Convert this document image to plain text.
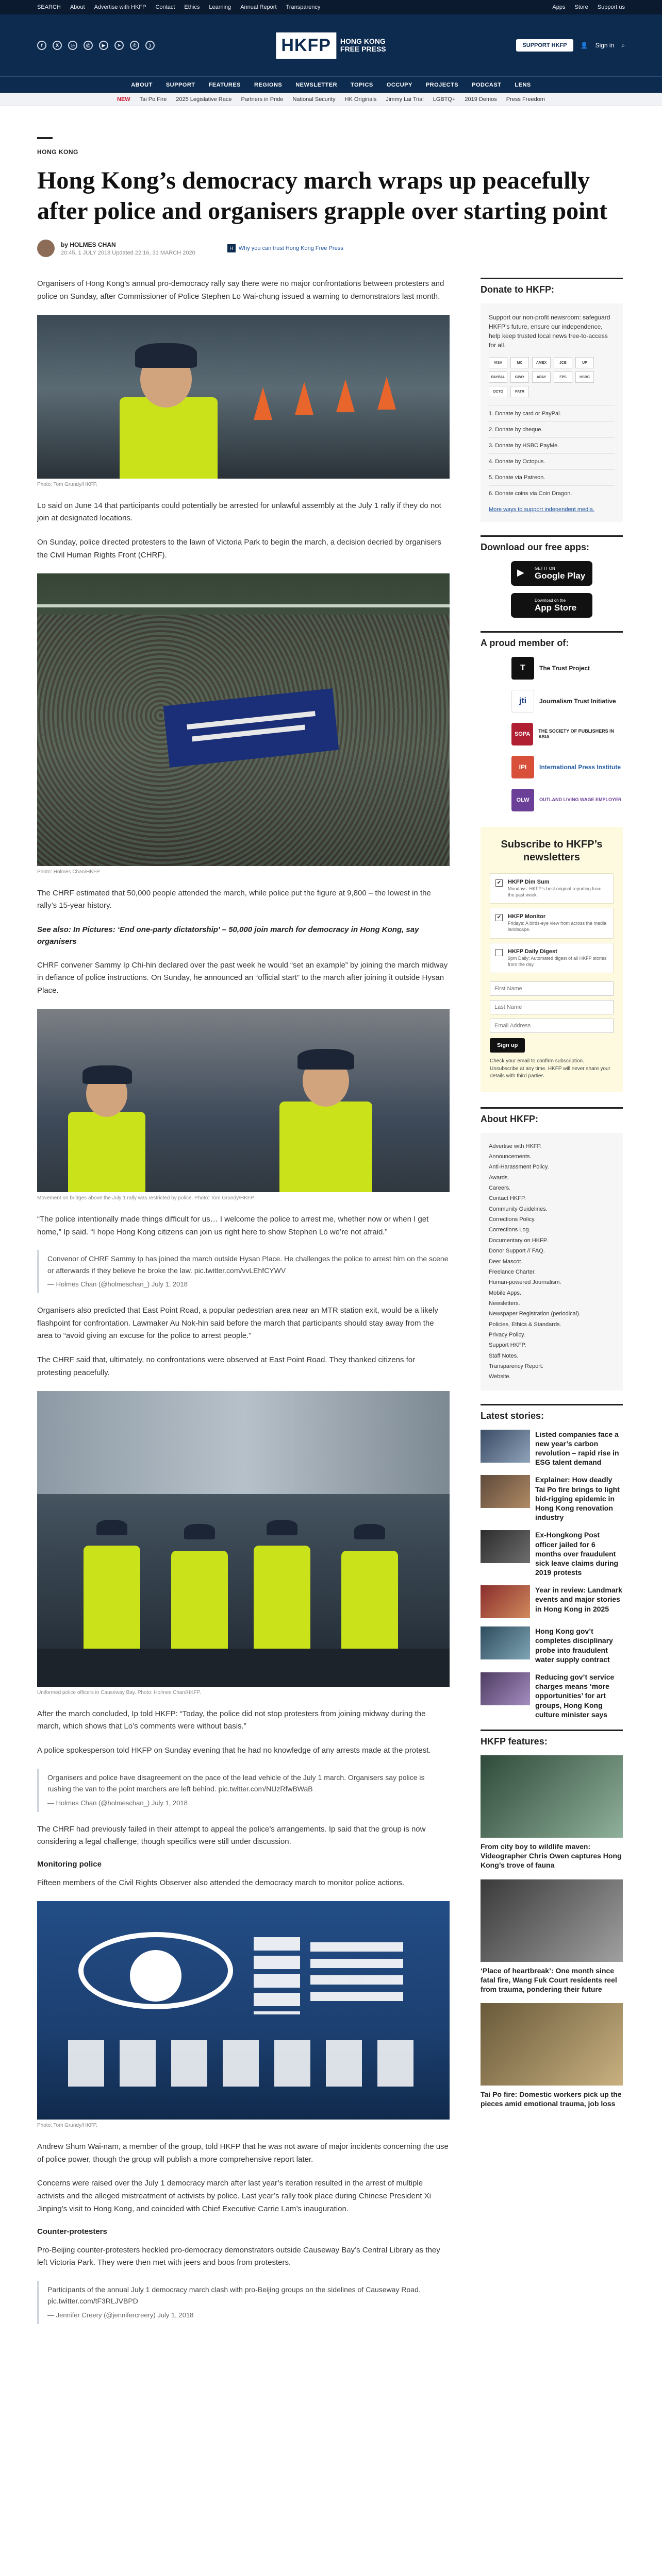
SEARCH About Advertise with HKFP Contact Ethics Learning Annual Report Transparency	Apps Store Support us
f	X	◎	@	▶	➤	✆	)	HKFP	HONG KONG
FREE PRESS	SUPPORT HKFP	👤 Sign in ⌕
ABOUT SUPPORT FEATURES REGIONS NEWSLETTER TOPICS OCCUPY PROJECTS PODCAST LENS
NEW Tai Po Fire 2025 Legislative Race Partners in Pride National Security HK Originals Jimmy Lai Trial LGBTQ+ 2019 Demos Press Freedom
HONG KONG
Hong Kong’s democracy march wraps up peacefully after police and organisers grapple over starting point
by HOLMES CHAN
20:45, 1 JULY 2018 Updated 22:16, 31 MARCH 2020
H Why you can trust Hong Kong Free Press

Organisers of Hong Kong’s annual pro-democracy rally say there were no major confrontations between protesters and police on Sunday, after Commissioner of Police Stephen Lo Wai-chung issued a warning to demonstrators last month.

Photo: Tom Grundy/HKFP.

Lo said on June 14 that participants could potentially be arrested for unlawful assembly at the July 1 rally if they do not join at designated locations.

On Sunday, police directed protesters to the lawn of Victoria Park to begin the march, a decision decried by organisers the Civil Human Rights Front (CHRF).

Photo: Holmes Chan/HKFP.

The CHRF estimated that 50,000 people attended the march, while police put the figure at 9,800 – the lowest in the rally’s 15-year history.

See also: In Pictures: ‘End one-party dictatorship’ – 50,000 join march for democracy in Hong Kong, say organisers

CHRF convener Sammy Ip Chi-hin declared over the past week he would “set an example” by joining the march midway in defiance of police instructions. On Sunday, he announced an “official start” to the march after joining it outside Hysan Place.

Movement on bridges above the July 1 rally was restricted by police. Photo: Tom Grundy/HKFP.

“The police intentionally made things difficult for us… I welcome the police to arrest me, whether now or when I get home,” Ip said. “I hope Hong Kong citizens can join us right here to show Stephen Lo we’re not afraid.”

Convenor of CHRF Sammy Ip has joined the march outside Hysan Place. He challenges the police to arrest him on the scene or afterwards if they believe he broke the law. pic.twitter.com/vvLEhfCYWV
— Holmes Chan (@holmeschan_) July 1, 2018

Organisers also predicted that East Point Road, a popular pedestrian area near an MTR station exit, would be a likely flashpoint for confrontation. Lawmaker Au Nok-hin said before the march that participants should stay away from the area to “avoid giving an excuse for the police to arrest people.”

The CHRF said that, ultimately, no confrontations were observed at East Point Road. They thanked citizens for protesting peacefully.

Uniformed police officers in Causeway Bay. Photo: Holmes Chan/HKFP.

After the march concluded, Ip told HKFP: “Today, the police did not stop protesters from joining midway during the march, which shows that Lo’s comments were without basis.”

A police spokesperson told HKFP on Sunday evening that he had no knowledge of any arrests made at the protest.

Organisers and police have disagreement on the pace of the lead vehicle of the July 1 march. Organisers say police is rushing the van to the point marchers are left behind. pic.twitter.com/NUzRfwBWaB
— Holmes Chan (@holmeschan_) July 1, 2018

The CHRF had previously failed in their attempt to appeal the police’s arrangements. Ip said that the group is now considering a legal challenge, though specifics were still under discussion.

Monitoring police

Fifteen members of the Civil Rights Observer also attended the democracy march to monitor police actions.

Photo: Tom Grundy/HKFP.

Andrew Shum Wai-nam, a member of the group, told HKFP that he was not aware of major incidents concerning the use of police power, though the group will publish a more comprehensive report later.

Concerns were raised over the July 1 democracy march after last year’s iteration resulted in the arrest of multiple activists and the alleged mistreatment of activists by police. Last year’s rally took place during Chinese President Xi Jinping’s visit to Hong Kong, and coincided with Chief Executive Carrie Lam’s inauguration.

Counter-protesters

Pro-Beijing counter-protesters heckled pro-democracy demonstrators outside Causeway Bay’s Central Library as they left Victoria Park. They were then met with jeers and boos from protesters.

Participants of the annual July 1 democracy march clash with pro-Beijing groups on the sidelines of Causeway Road. pic.twitter.com/tF3RLJVBPD
— Jennifer Creery (@jennifercreery) July 1, 2018
Donate to HKFP:
Support our non-profit newsroom: safeguard HKFP’s future, ensure our independence, help keep trusted local news free-to-access for all.
VISA	MC	AMEX	JCB	UP
PAYPAL	GPAY	APAY	FPS	HSBC
OCTO	PATR
1. Donate by card or PayPal.
2. Donate by cheque.
3. Donate by HSBC PayMe.
4. Donate by Octopus.
5. Donate via Patreon.
6. Donate coins via Coin Dragon.
More ways to support independent media.
Download our free apps:
▶	GET IT ON
Google Play
Download on the
App Store
A proud member of:
T	The Trust Project
jti	Journalism Trust Initiative
SOPA
THE SOCIETY OF PUBLISHERS IN ASIA
IPI	International Press Institute
OLW	OUTLAND LIVING WAGE EMPLOYER
Subscribe to HKFP’s newsletters
✔ HKFP Dim Sum
Mondays: HKFP’s best original reporting from the past week.
✔ HKFP Monitor
Fridays: A birds-eye view from across the media landscape.
HKFP Daily Digest
9pm Daily: Automated digest of all HKFP stories from the day.
First Name Last Name Email Address Sign up
Check your email to confirm subscription. Unsubscribe at any time. HKFP will never share your details with third parties.
About HKFP:
Advertise with HKFP.
Announcements.
Anti-Harassment Policy.
Awards.
Careers.
Contact HKFP.
Community Guidelines.
Corrections Policy.
Corrections Log.
Documentary on HKFP.
Donor Support // FAQ.
Deer Mascot.
Freelance Charter.
Human-powered Journalism.
Mobile Apps.
Newsletters.
Newspaper Registration (periodical).
Policies, Ethics & Standards.
Privacy Policy.
Support HKFP.
Staff Notes.
Transparency Report.
Website.
Latest stories:
Listed companies face a new year’s carbon revolution – rapid rise in ESG talent demand
Explainer: How deadly Tai Po fire brings to light bid-rigging epidemic in Hong Kong renovation industry
Ex-Hongkong Post officer jailed for 6 months over fraudulent sick leave claims during 2019 protests
Year in review: Landmark events and major stories in Hong Kong in 2025
Hong Kong gov’t completes disciplinary probe into fraudulent water supply contract
Reducing gov’t service charges means ‘more opportunities’ for art groups, Hong Kong culture minister says
HKFP features:
From city boy to wildlife maven: Videographer Chris Owen captures Hong Kong’s trove of fauna
‘Place of heartbreak’: One month since fatal fire, Wang Fuk Court residents reel from trauma, pondering their future
Tai Po fire: Domestic workers pick up the pieces amid emotional trauma, job loss
